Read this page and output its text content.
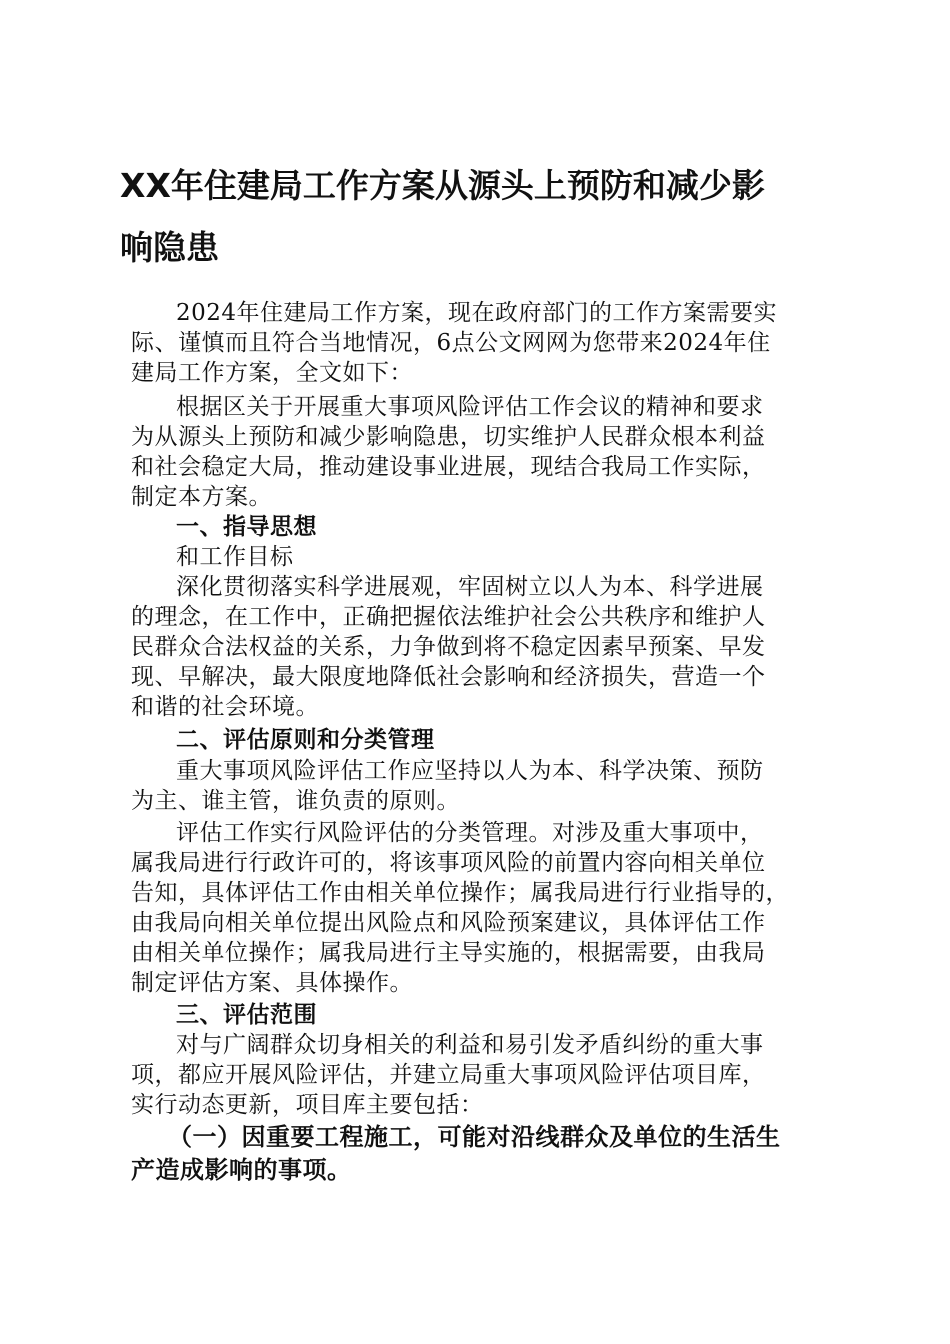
XX年住建局工作方案从源头上预防和减少影
响隐患
2024年住建局工作方案，现在政府部门的工作方案需要实
际、谨慎而且符合当地情况，6点公文网网为您带来2024年住
建局工作方案，全文如下：
根据区关于开展重大事项风险评估工作会议的精神和要求
为从源头上预防和减少影响隐患，切实维护人民群众根本利益
和社会稳定大局，推动建设事业进展，现结合我局工作实际，
制定本方案。
一、指导思想
和工作目标
深化贯彻落实科学进展观，牢固树立以人为本、科学进展
的理念，在工作中，正确把握依法维护社会公共秩序和维护人
民群众合法权益的关系，力争做到将不稳定因素早预案、早发
现、早解决，最大限度地降低社会影响和经济损失，营造一个
和谐的社会环境。
二、评估原则和分类管理
重大事项风险评估工作应坚持以人为本、科学决策、预防
为主、谁主管，谁负责的原则。
评估工作实行风险评估的分类管理。对涉及重大事项中，
属我局进行行政许可的，将该事项风险的前置内容向相关单位
告知，具体评估工作由相关单位操作；属我局进行行业指导的，
由我局向相关单位提出风险点和风险预案建议，具体评估工作
由相关单位操作；属我局进行主导实施的，根据需要，由我局
制定评估方案、具体操作。
三、评估范围
对与广阔群众切身相关的利益和易引发矛盾纠纷的重大事
项，都应开展风险评估，并建立局重大事项风险评估项目库，
实行动态更新，项目库主要包括：
（一）因重要工程施工，可能对沿线群众及单位的生活生
产造成影响的事项。
